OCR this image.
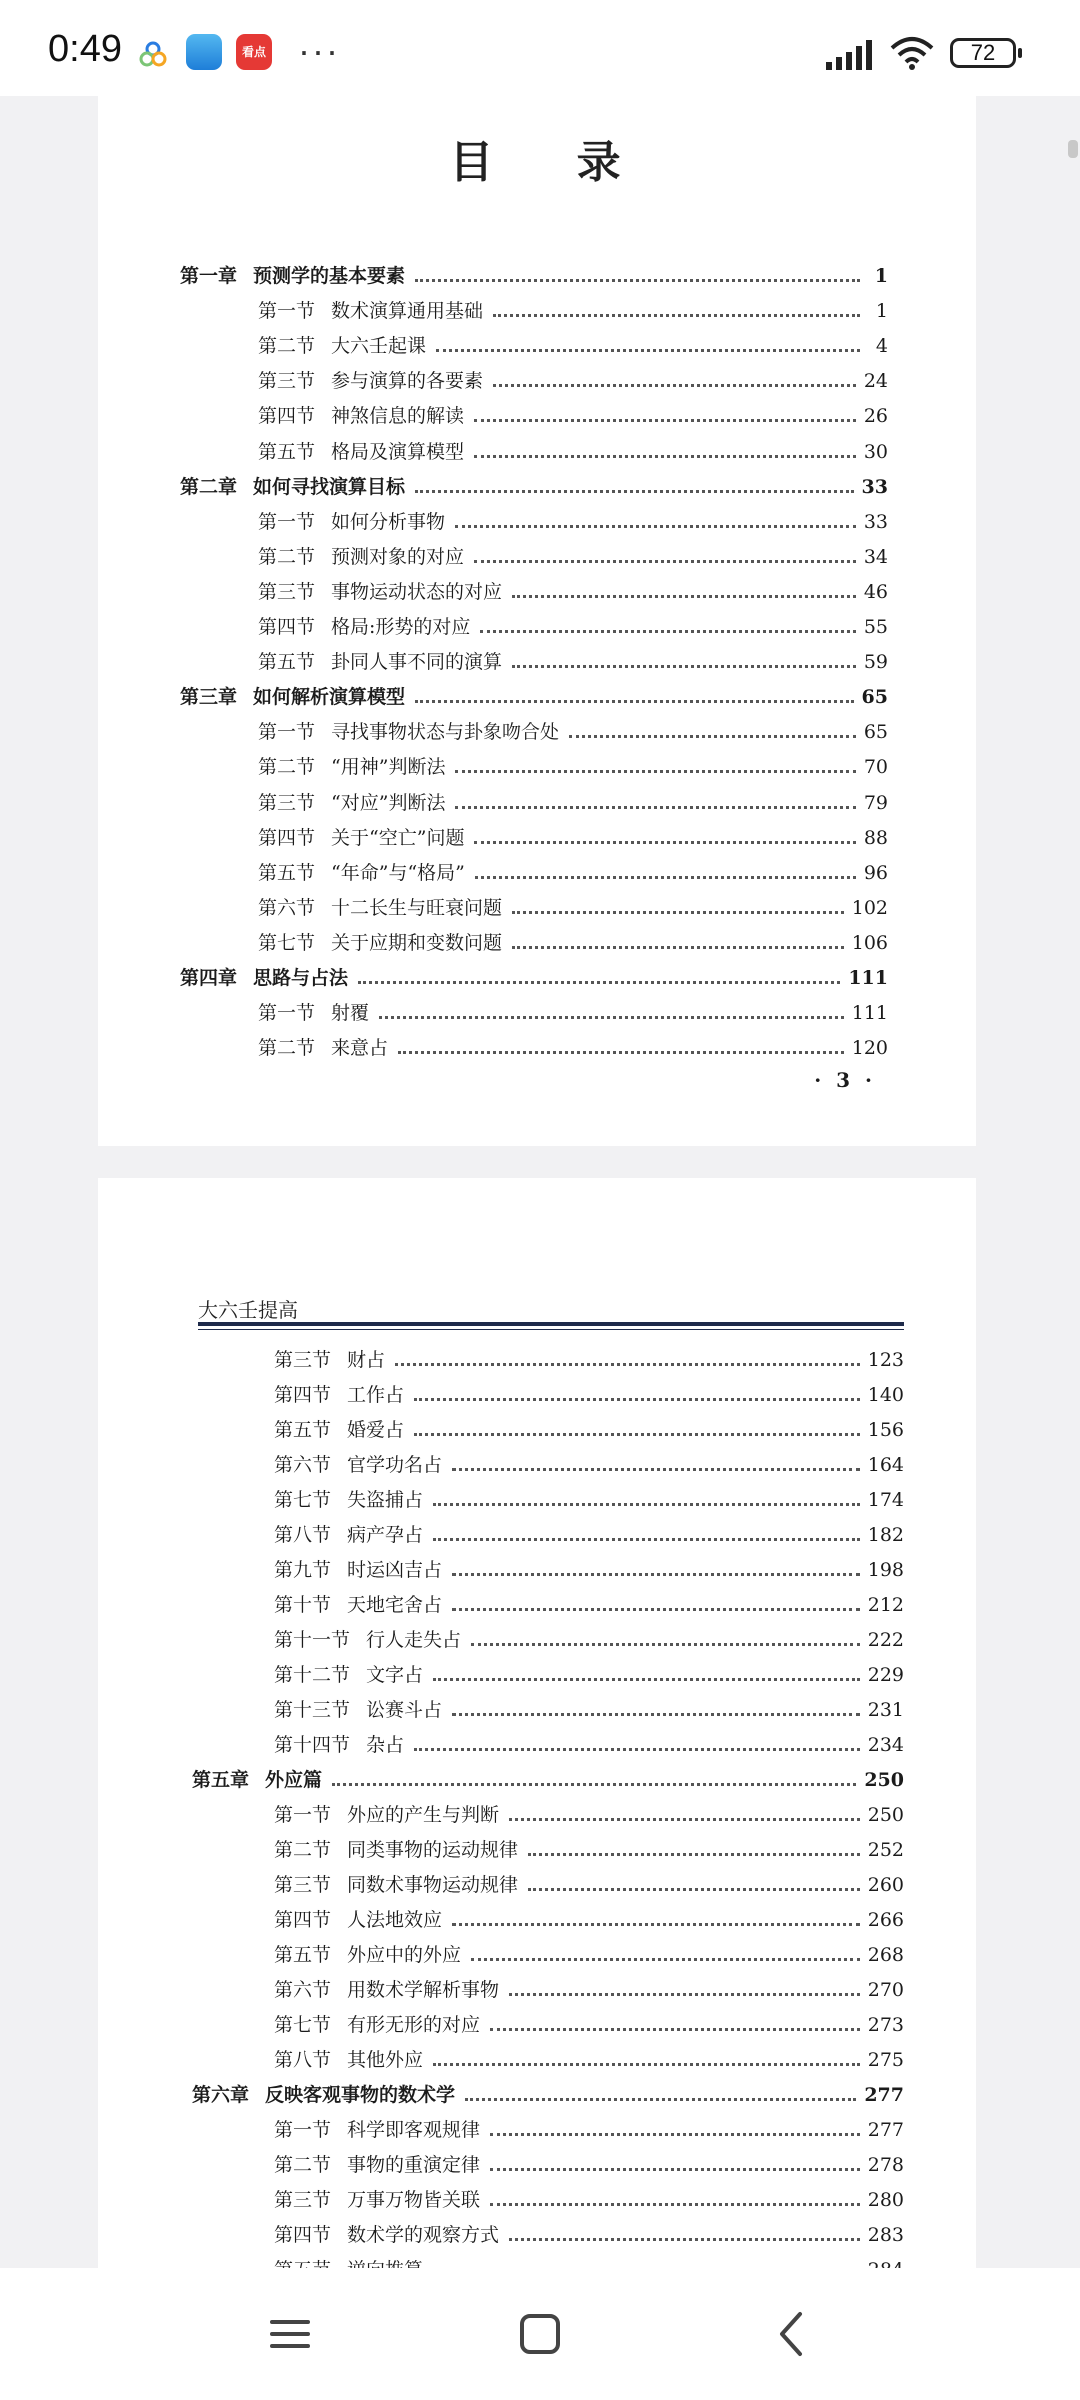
0:49	看点 ···	72
目 录
第一章 预测学的基本要素	1
第一节 数术演算通用基础	1
第二节 大六壬起课	4
第三节 参与演算的各要素	24
第四节 神煞信息的解读	26
第五节 格局及演算模型	30
第二章 如何寻找演算目标	33
第一节 如何分析事物	33
第二节 预测对象的对应	34
第三节 事物运动状态的对应	46
第四节 格局:形势的对应	55
第五节 卦同人事不同的演算	59
第三章 如何解析演算模型	65
第一节 寻找事物状态与卦象吻合处	65
第二节 “用神”判断法	70
第三节 “对应”判断法	79
第四节 关于“空亡”问题	88
第五节 “年命”与“格局”	96
第六节 十二长生与旺衰问题	102
第七节 关于应期和变数问题	106
第四章 思路与占法	111
第一节 射覆	111
第二节 来意占	120
· 3 ·
大六壬提高
第三节 财占	123
第四节 工作占	140
第五节 婚爱占	156
第六节 官学功名占	164
第七节 失盗捕占	174
第八节 病产孕占	182
第九节 时运凶吉占	198
第十节 天地宅舍占	212
第十一节 行人走失占	222
第十二节 文字占	229
第十三节 讼赛斗占	231
第十四节 杂占	234
第五章 外应篇	250
第一节 外应的产生与判断	250
第二节 同类事物的运动规律	252
第三节 同数术事物运动规律	260
第四节 人法地效应	266
第五节 外应中的外应	268
第六节 用数术学解析事物	270
第七节 有形无形的对应	273
第八节 其他外应	275
第六章 反映客观事物的数术学	277
第一节 科学即客观规律	277
第二节 事物的重演定律	278
第三节 万事万物皆关联	280
第四节 数术学的观察方式	283
